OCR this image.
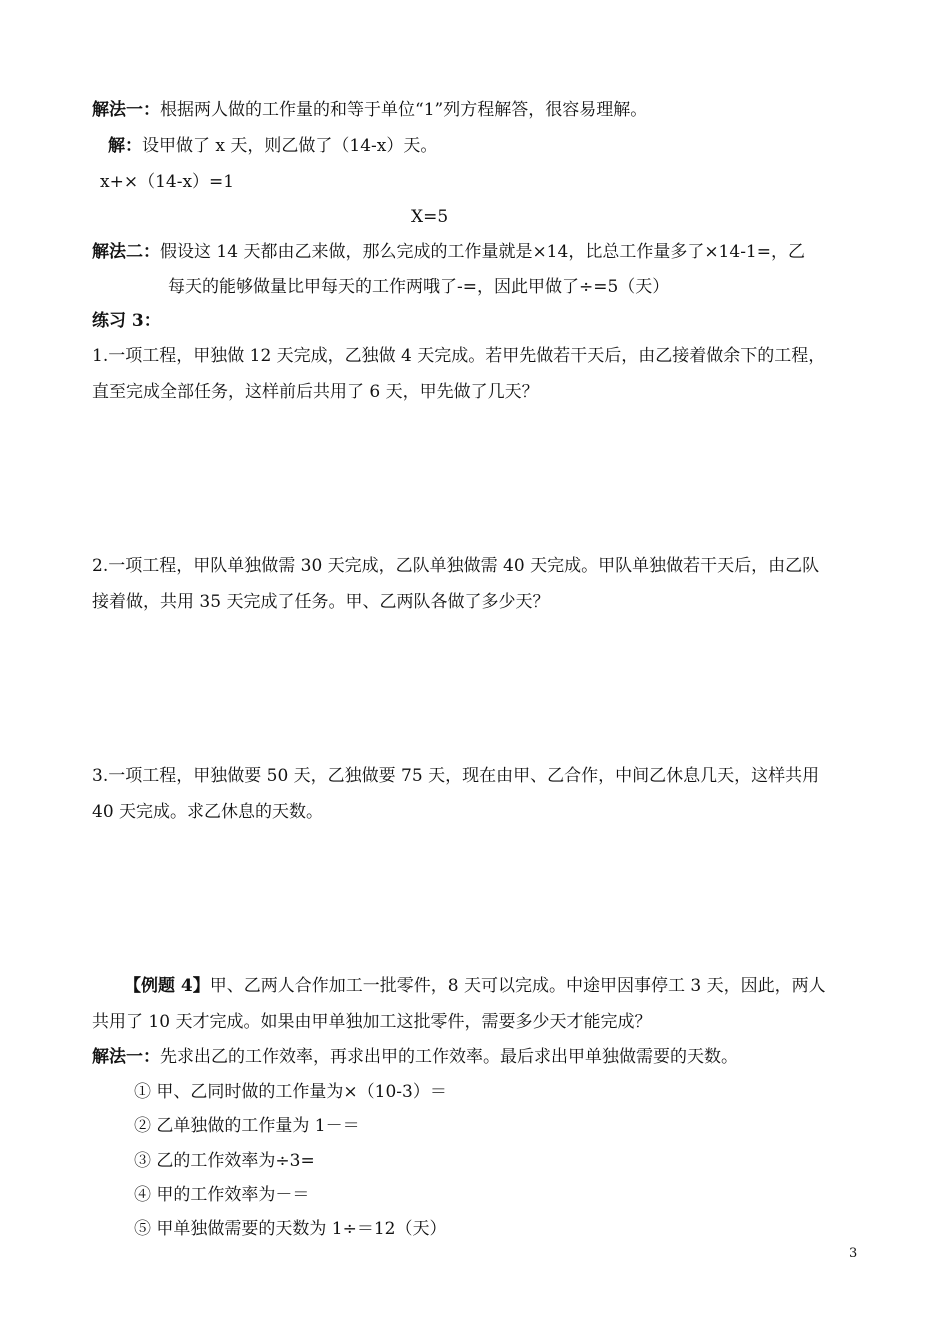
解法一：根据两人做的工作量的和等于单位“1”列方程解答，很容易理解。
解：设甲做了 x 天，则乙做了（14-x）天。
x+×（14-x）=1
X=5
解法二：假设这 14 天都由乙来做，那么完成的工作量就是×14，比总工作量多了×14-1=，乙
每天的能够做量比甲每天的工作两哦了-=，因此甲做了÷=5（天）
练习 3：
1.一项工程，甲独做 12 天完成，乙独做 4 天完成。若甲先做若干天后，由乙接着做余下的工程，
直至完成全部任务，这样前后共用了 6 天，甲先做了几天？
2.一项工程，甲队单独做需 30 天完成，乙队单独做需 40 天完成。甲队单独做若干天后，由乙队
接着做，共用 35 天完成了任务。甲、乙两队各做了多少天？
3.一项工程，甲独做要 50 天，乙独做要 75 天，现在由甲、乙合作，中间乙休息几天，这样共用
40 天完成。求乙休息的天数。
【例题 4】甲、乙两人合作加工一批零件，8 天可以完成。中途甲因事停工 3 天，因此，两人
共用了 10 天才完成。如果由甲单独加工这批零件，需要多少天才能完成？
解法一：先求出乙的工作效率，再求出甲的工作效率。最后求出甲单独做需要的天数。
① 甲、乙同时做的工作量为×（10-3）＝
② 乙单独做的工作量为 1－＝
③ 乙的工作效率为÷3=
④ 甲的工作效率为－＝
⑤ 甲单独做需要的天数为 1÷＝12（天）
3
